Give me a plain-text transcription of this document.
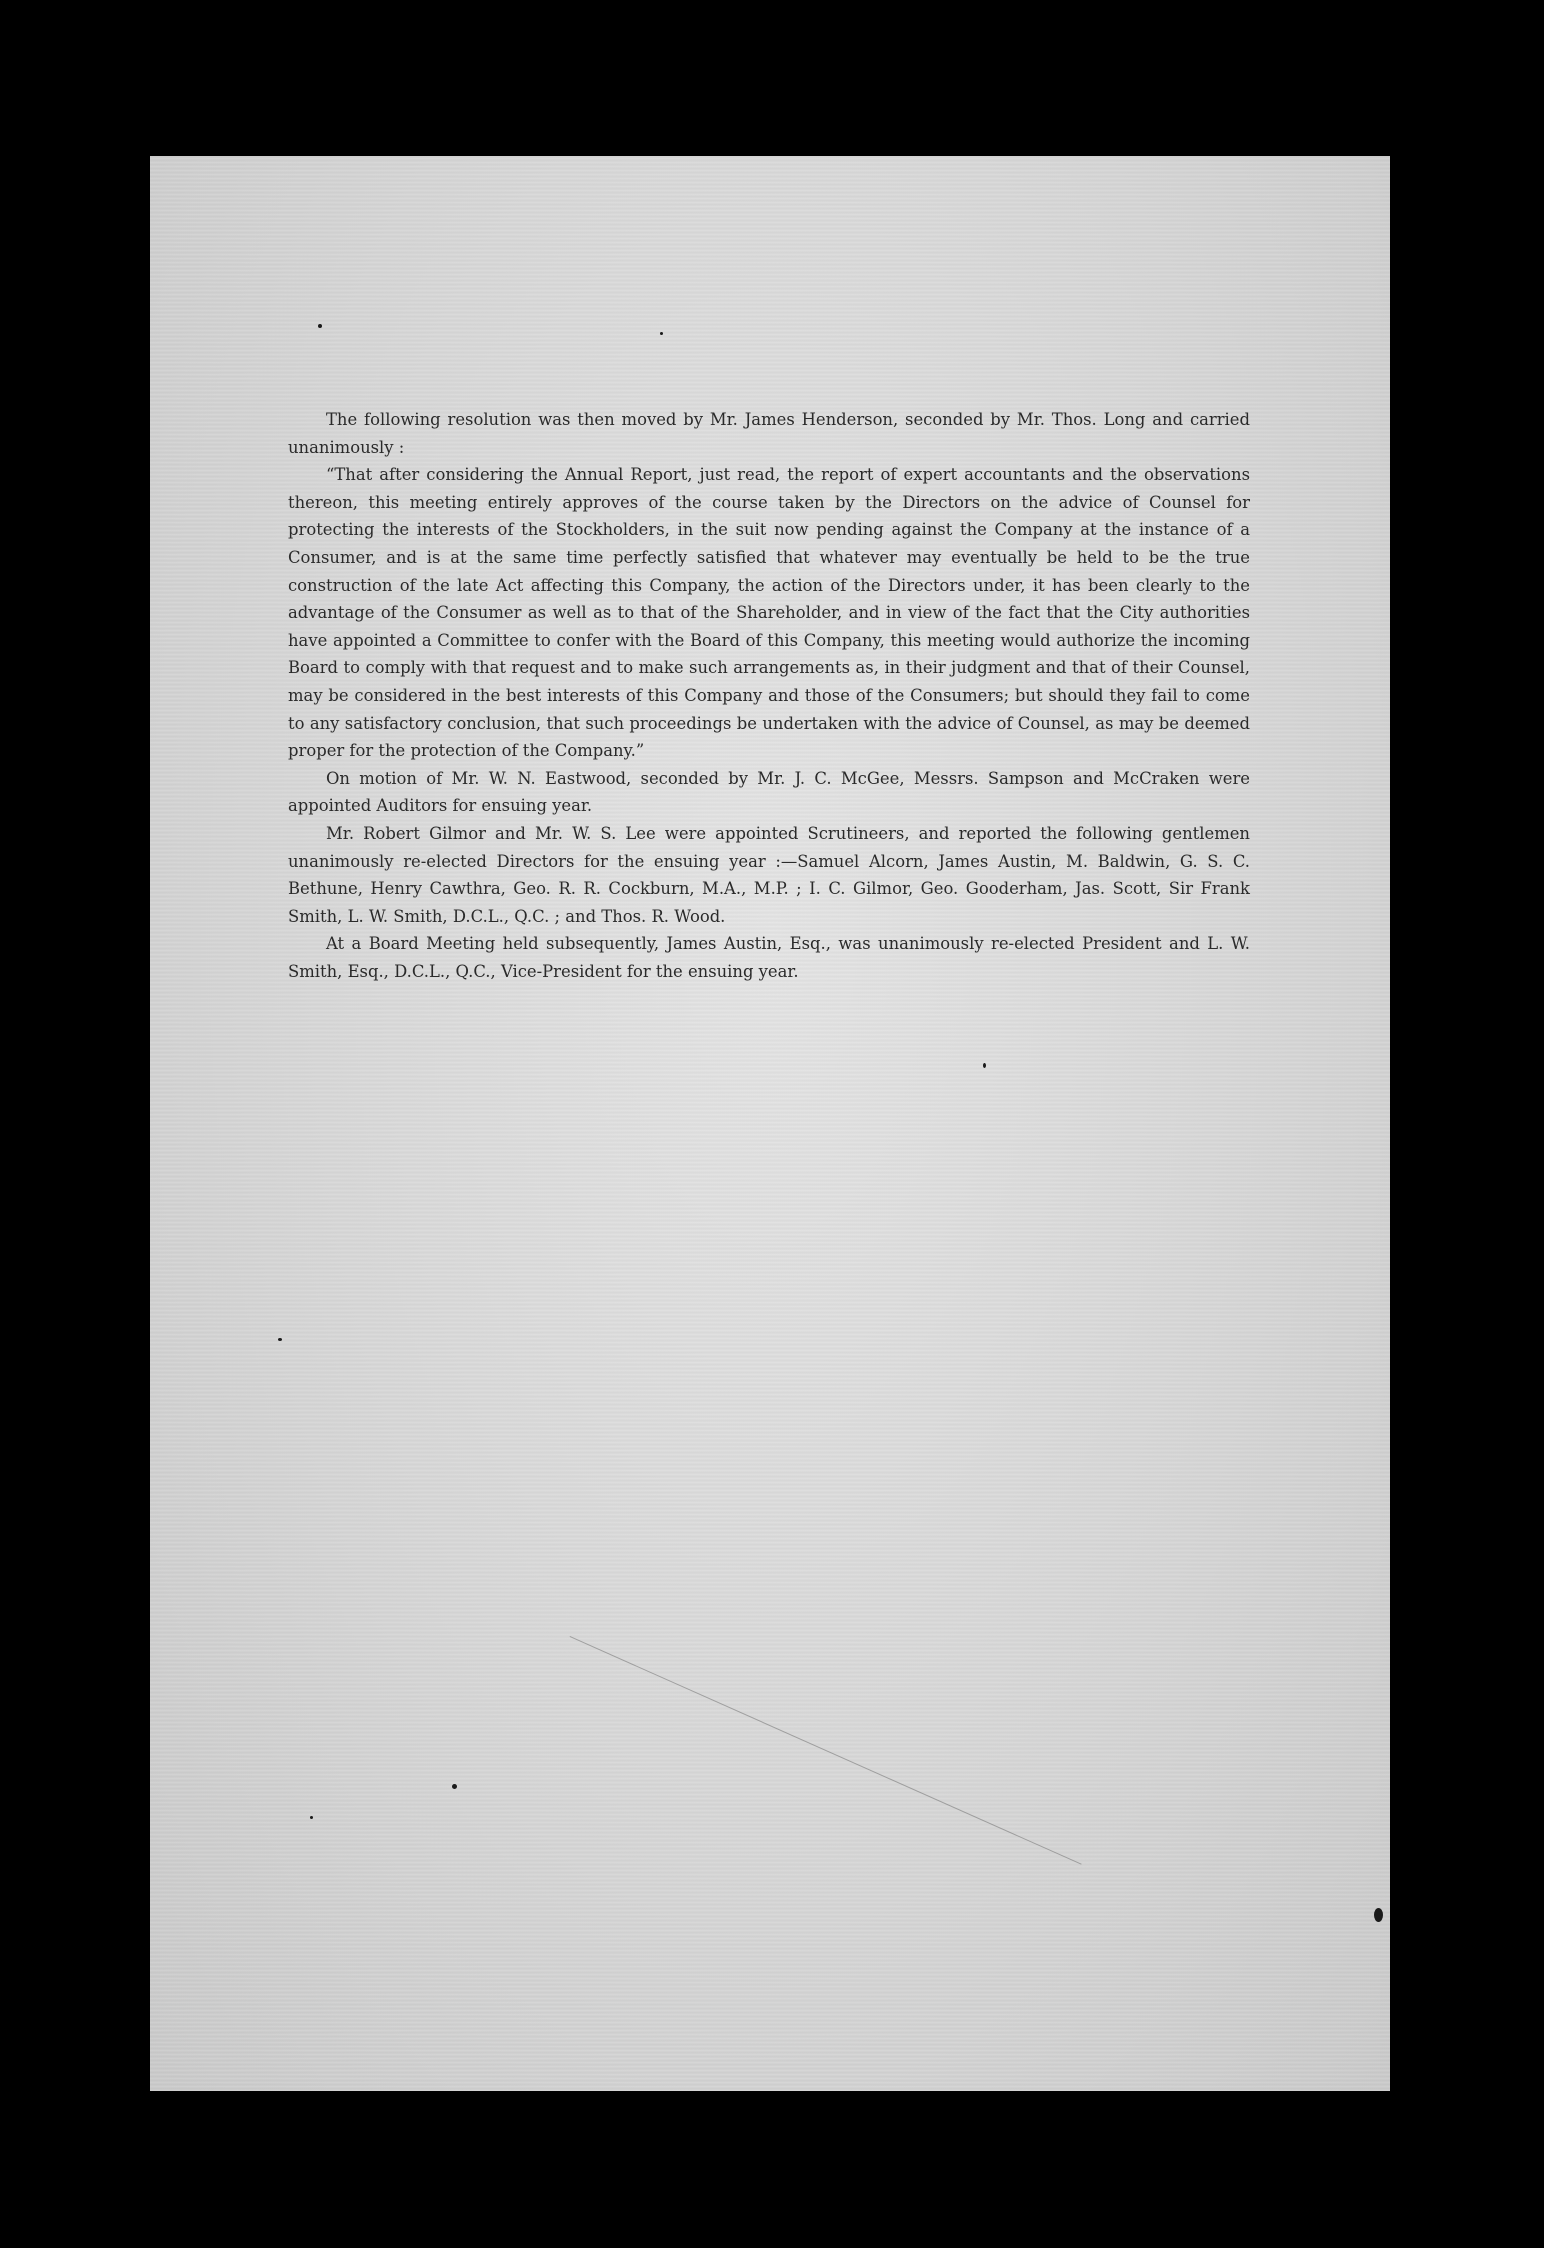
The following resolution was then moved by Mr. James Henderson, seconded by Mr. Thos. Long and carried unanimously :

“That after considering the Annual Report, just read, the report of expert accountants and the observations thereon, this meeting entirely approves of the course taken by the Directors on the advice of Counsel for protecting the interests of the Stockholders, in the suit now pending against the Company at the instance of a Consumer, and is at the same time perfectly satisfied that whatever may eventually be held to be the true construction of the late Act affecting this Company, the action of the Directors under, it has been clearly to the advantage of the Consumer as well as to that of the Shareholder, and in view of the fact that the City authorities have appointed a Committee to confer with the Board of this Company, this meeting would authorize the incoming Board to comply with that request and to make such arrangements as, in their judgment and that of their Counsel, may be considered in the best interests of this Company and those of the Consumers; but should they fail to come to any satisfactory conclusion, that such proceedings be undertaken with the advice of Counsel, as may be deemed proper for the protection of the Company.”

On motion of Mr. W. N. Eastwood, seconded by Mr. J. C. McGee, Messrs. Sampson and McCraken were appointed Auditors for ensuing year.

Mr. Robert Gilmor and Mr. W. S. Lee were appointed Scrutineers, and reported the following gentlemen unanimously re-elected Directors for the ensuing year :—Samuel Alcorn, James Austin, M. Baldwin, G. S. C. Bethune, Henry Cawthra, Geo. R. R. Cockburn, M.A., M.P. ; I. C. Gilmor, Geo. Gooderham, Jas. Scott, Sir Frank Smith, L. W. Smith, D.C.L., Q.C. ; and Thos. R. Wood.

At a Board Meeting held subsequently, James Austin, Esq., was unanimously re-elected President and L. W. Smith, Esq., D.C.L., Q.C., Vice-President for the ensuing year.
